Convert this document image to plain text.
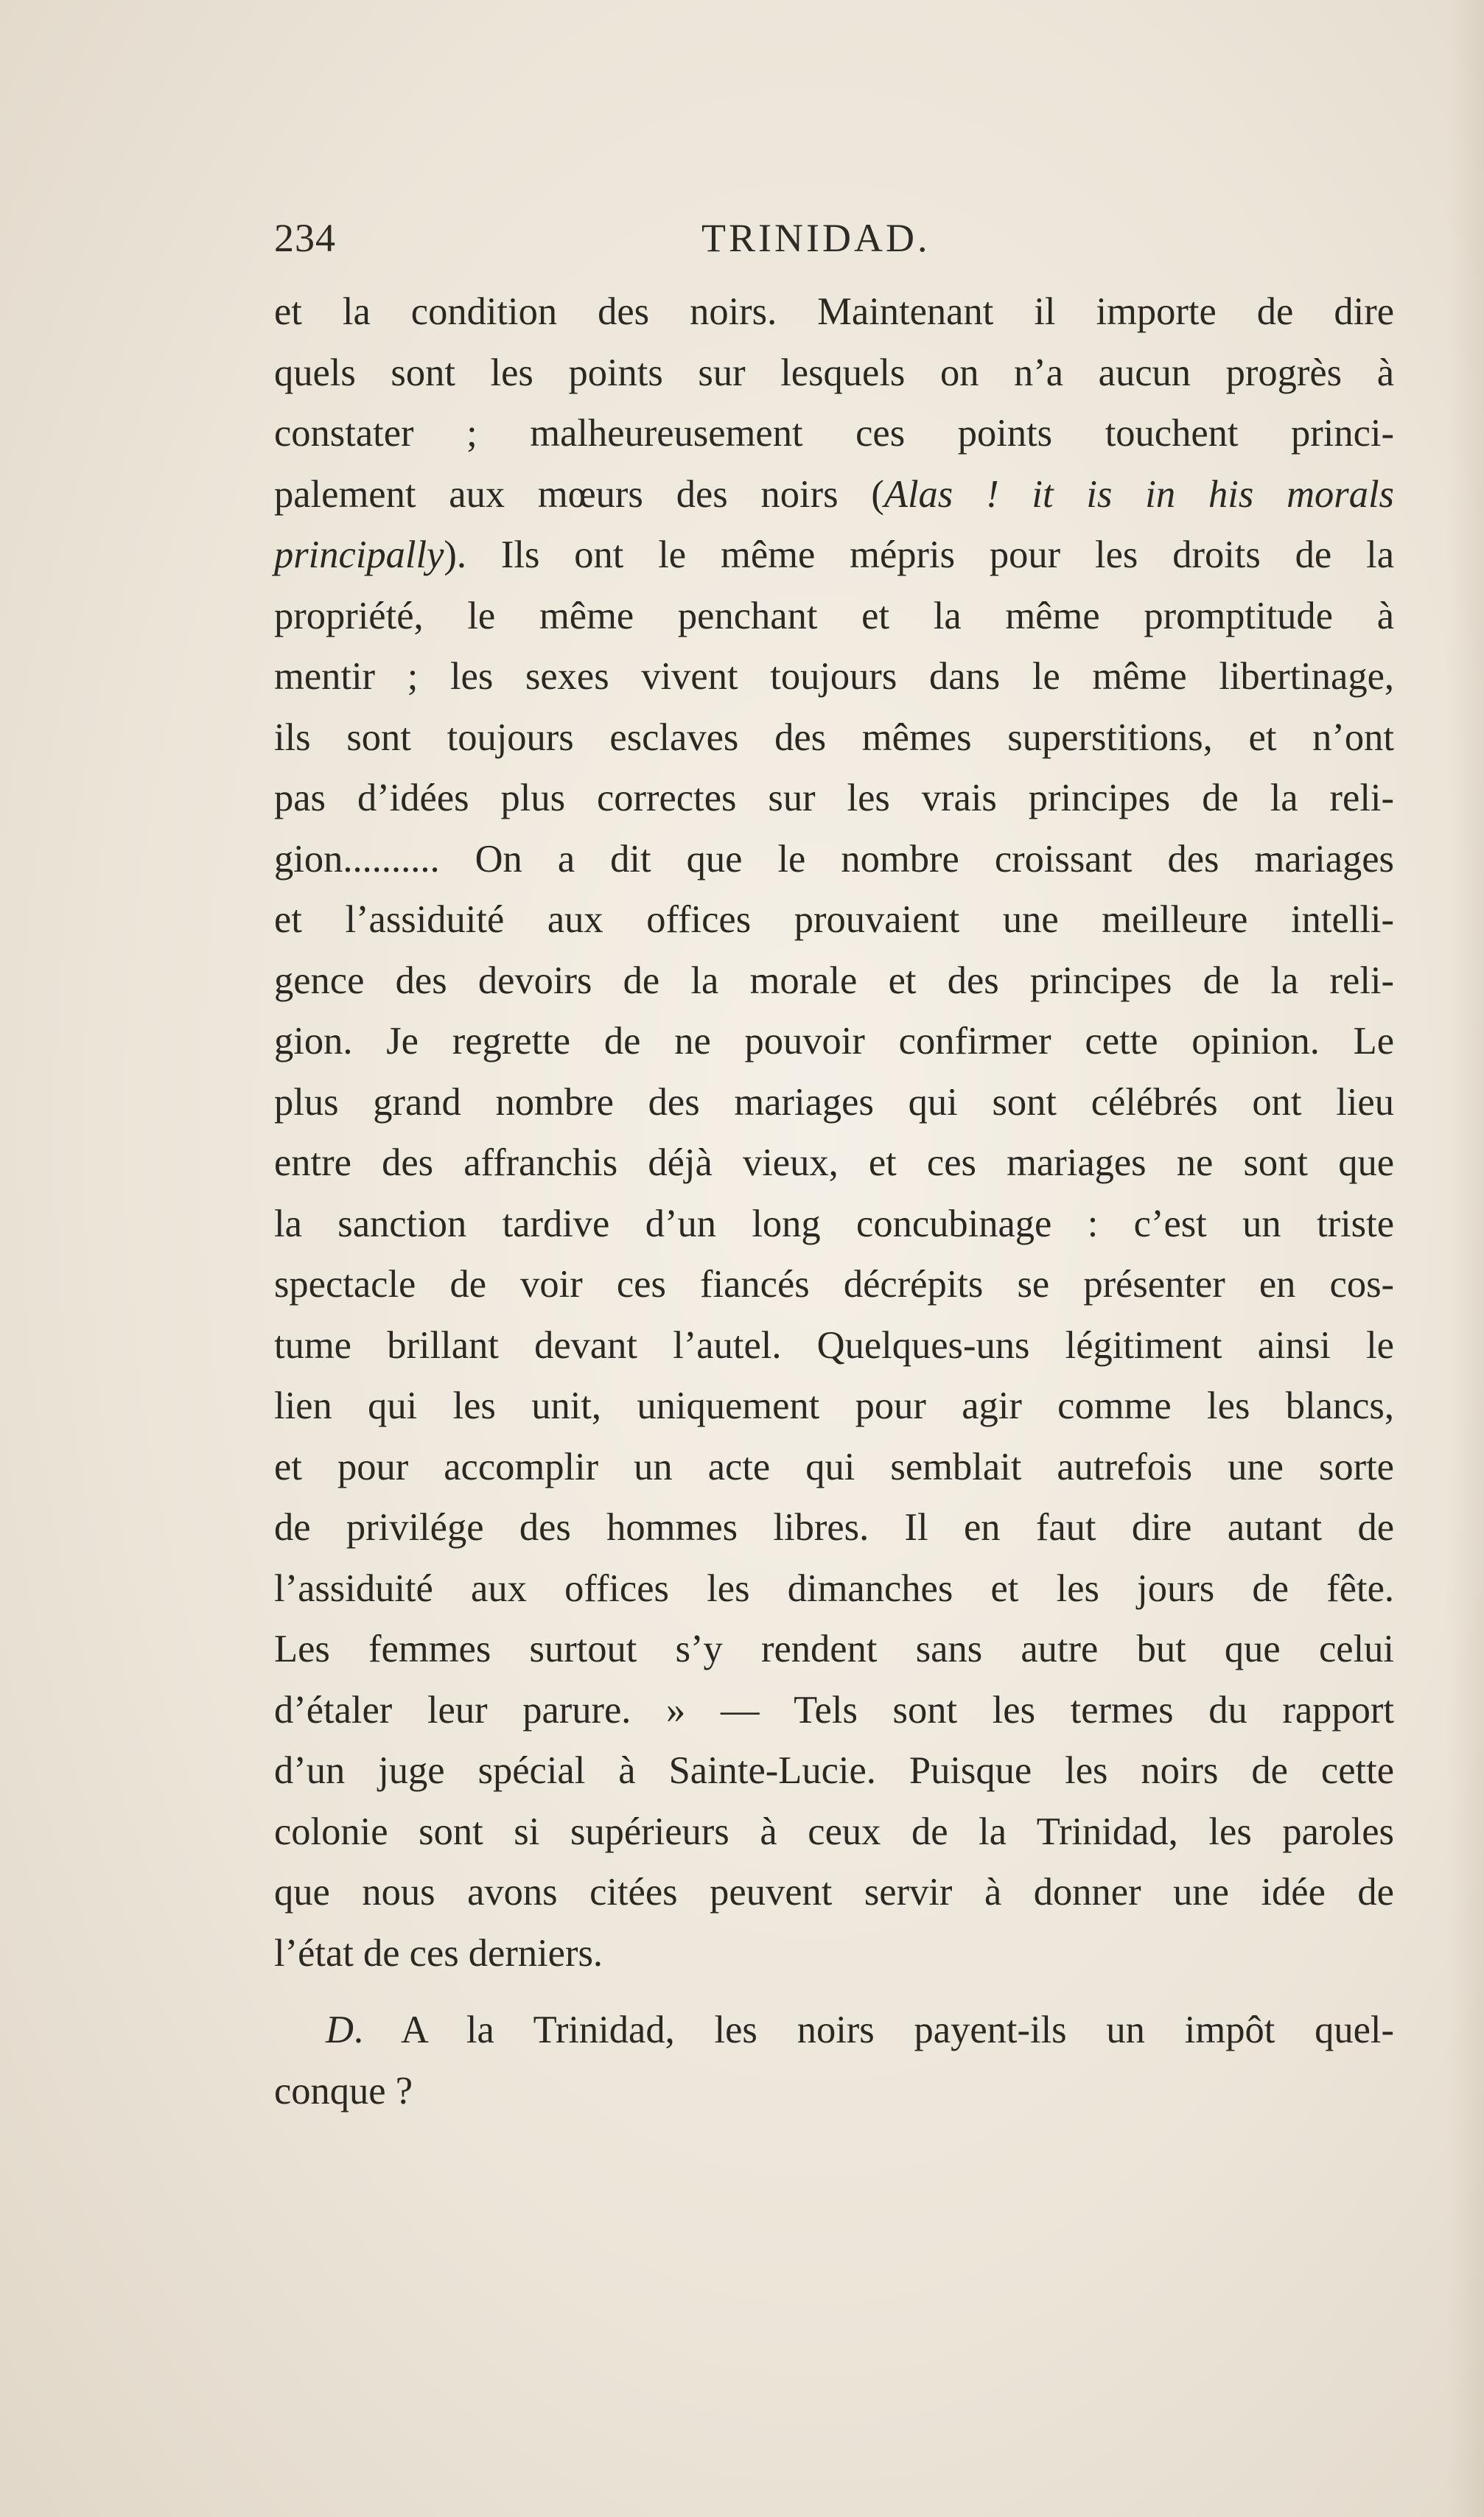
234	TRINIDAD.
et la condition des noirs. Maintenant il importe de dire
quels sont les points sur lesquels on n’a aucun progrès à
constater ; malheureusement ces points touchent princi-
palement aux mœurs des noirs (Alas ! it is in his morals
principally). Ils ont le même mépris pour les droits de la
propriété, le même penchant et la même promptitude à
mentir ; les sexes vivent toujours dans le même libertinage,
ils sont toujours esclaves des mêmes superstitions, et n’ont
pas d’idées plus correctes sur les vrais principes de la reli-
gion.......... On a dit que le nombre croissant des mariages
et l’assiduité aux offices prouvaient une meilleure intelli-
gence des devoirs de la morale et des principes de la reli-
gion. Je regrette de ne pouvoir confirmer cette opinion. Le
plus grand nombre des mariages qui sont célébrés ont lieu
entre des affranchis déjà vieux, et ces mariages ne sont que
la sanction tardive d’un long concubinage : c’est un triste
spectacle de voir ces fiancés décrépits se présenter en cos-
tume brillant devant l’autel. Quelques-uns légitiment ainsi le
lien qui les unit, uniquement pour agir comme les blancs,
et pour accomplir un acte qui semblait autrefois une sorte
de privilége des hommes libres. Il en faut dire autant de
l’assiduité aux offices les dimanches et les jours de fête.
Les femmes surtout s’y rendent sans autre but que celui
d’étaler leur parure. » — Tels sont les termes du rapport
d’un juge spécial à Sainte-Lucie. Puisque les noirs de cette
colonie sont si supérieurs à ceux de la Trinidad, les paroles
que nous avons citées peuvent servir à donner une idée de
l’état de ces derniers.
D. A la Trinidad, les noirs payent-ils un impôt quel-
conque ?
